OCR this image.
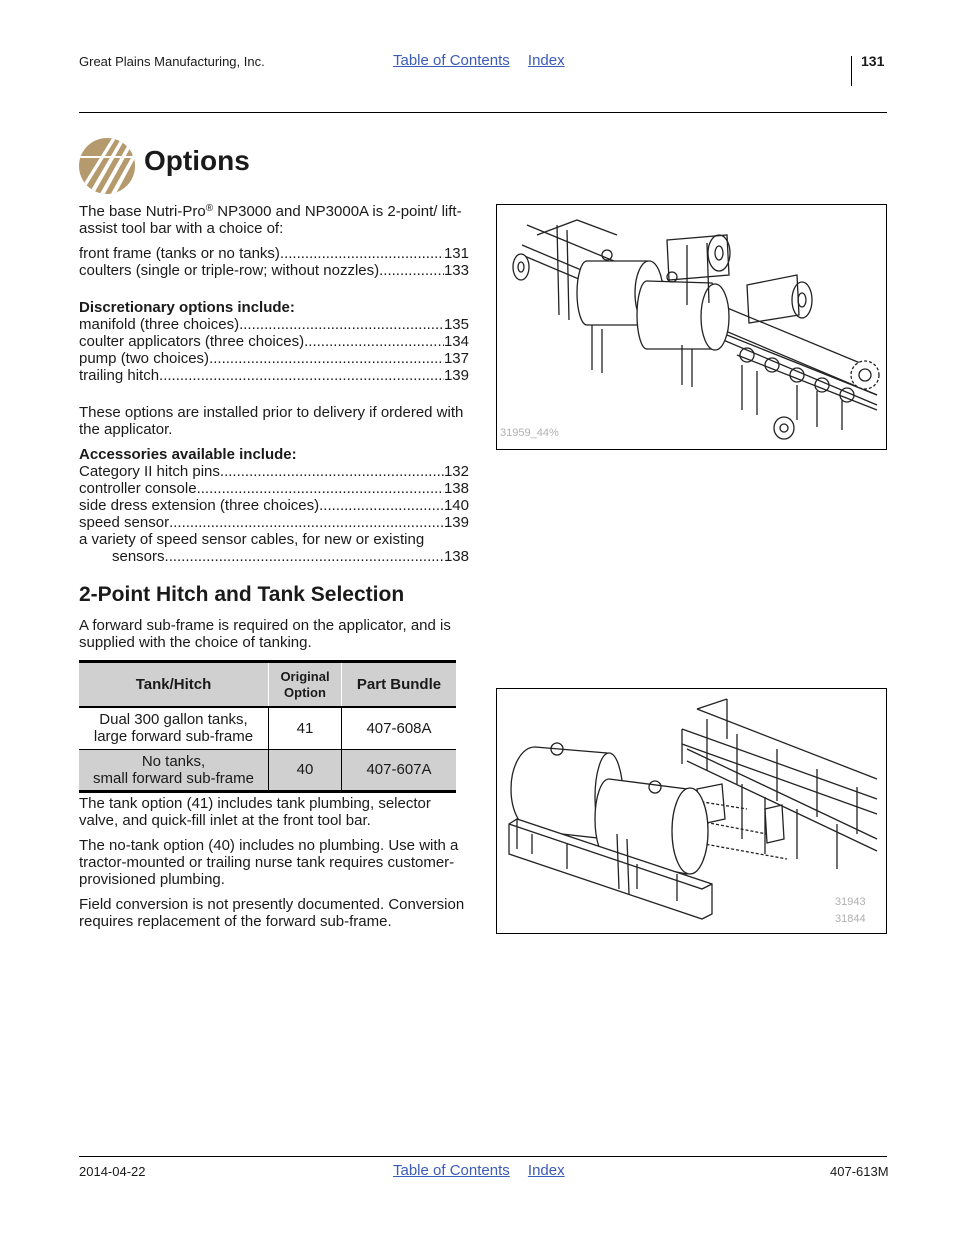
Great Plains Manufacturing, Inc.	Table of Contents Index	131
Options
The base Nutri-Pro® NP3000 and NP3000A is 2-point/ lift-assist tool bar with a choice of:
front frame (tanks or no tanks) .....	131
coulters (single or triple-row; without nozzles) .....	133
Discretionary options include:
manifold (three choices) .....	135
coulter applicators (three choices) .....	134
pump (two choices) .....	137
trailing hitch .....	139
These options are installed prior to delivery if ordered with the applicator.
Accessories available include:
Category II hitch pins .....	132
controller console .....	138
side dress extension (three choices) .....	140
speed sensor .....	139
a variety of speed sensor cables, for new or existing
sensors. .....	138
2-Point Hitch and Tank Selection
A forward sub-frame is required on the applicator, and is supplied with the choice of tanking.
Tank/Hitch	Original Option	Part Bundle
Dual 300 gallon tanks,
large forward sub-frame	41	407-608A
No tanks,
small forward sub-frame	40	407-607A
The tank option (41) includes tank plumbing, selector valve, and quick-fill inlet at the front tool bar.
The no-tank option (40) includes no plumbing. Use with a tractor-mounted or trailing nurse tank requires customer-provisioned plumbing.
Field conversion is not presently documented. Conversion requires replacement of the forward sub-frame.
31959_44%
31943
31844
2014-04-22	Table of Contents Index	407-613M
